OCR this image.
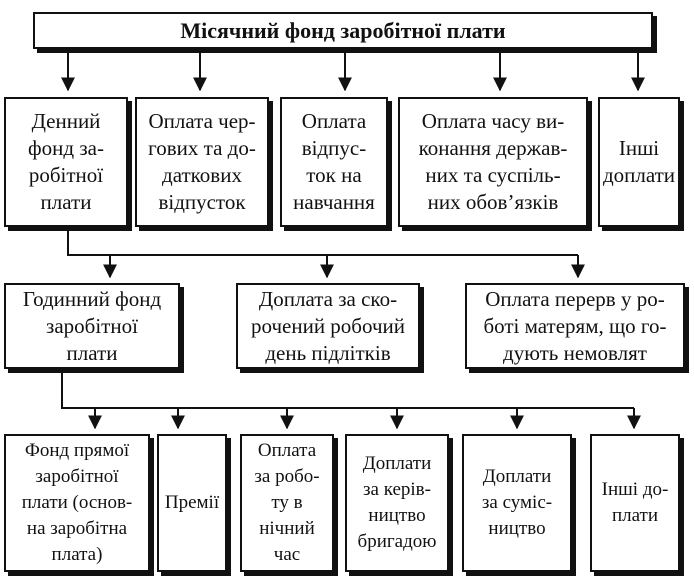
Місячний фонд заробітної плати
Денний
фонд за-
робітної
плати
Оплата чер-
гових та до-
даткових
відпусток
Оплата
відпус-
ток на
навчання
Оплата часу ви-
конання держав-
них та суспіль-
них обов’язків
Інші
доплати
Годинний фонд
заробітної
плати
Доплата за ско-
рочений робочий
день підлітків
Оплата перерв у ро-
боті матерям, що го-
дують немовлят
Фонд прямої
заробітної
плати (основ-
на заробітна
плата)
Премії
Оплата
за робо-
ту в
нічний
час
Доплати
за керів-
ництво
бригадою
Доплати
за суміс-
ництво
Інші до-
плати
